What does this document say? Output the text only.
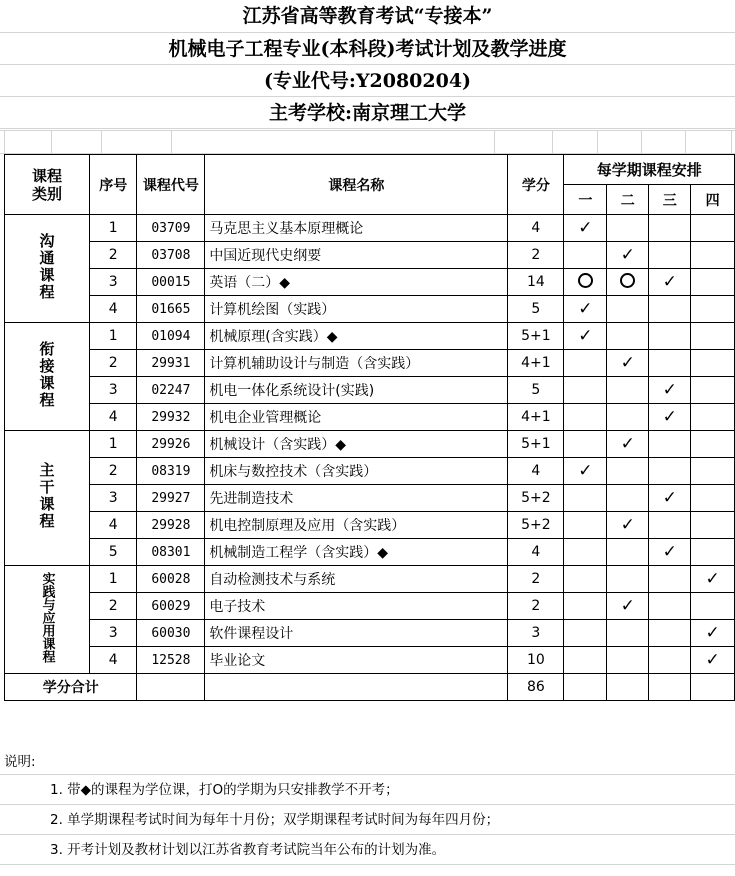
江苏省高等教育考试“专接本”
机械电子工程专业(本科段)考试计划及教学进度
(专业代号:Y2080204)
主考学校:南京理工大学
课程类别	序号	课程代号	课程名称	学分	每学期课程安排			
					一	二	三	四
沟通课程	1	03709	马克思主义基本原理概论	4	✓			

	2	03708	中国近现代史纲要	2		✓		

	3	00015	英语（二）◆	14			✓	

	4	01665	计算机绘图（实践）	5	✓			

衔接课程	1	01094	机械原理(含实践）◆	5+1	✓			

	2	29931	计算机辅助设计与制造（含实践）	4+1		✓		

	3	02247	机电一体化系统设计(实践)	5			✓	

	4	29932	机电企业管理概论	4+1			✓	

主干课程	1	29926	机械设计（含实践）◆	5+1		✓		

	2	08319	机床与数控技术（含实践）	4	✓			

	3	29927	先进制造技术	5+2			✓	

	4	29928	机电控制原理及应用（含实践）	5+2		✓		

	5	08301	机械制造工程学（含实践）◆	4			✓	

实践与应用课程	1	60028	自动检测技术与系统	2				✓

	2	60029	电子技术	2		✓		

	3	60030	软件课程设计	3				✓

	4	12528	毕业论文	10				✓

学分合计				86				
说明:
1. 带◆的课程为学位课，打O的学期为只安排教学不开考；
2. 单学期课程考试时间为每年十月份；双学期课程考试时间为每年四月份；
3. 开考计划及教材计划以江苏省教育考试院当年公布的计划为准。
